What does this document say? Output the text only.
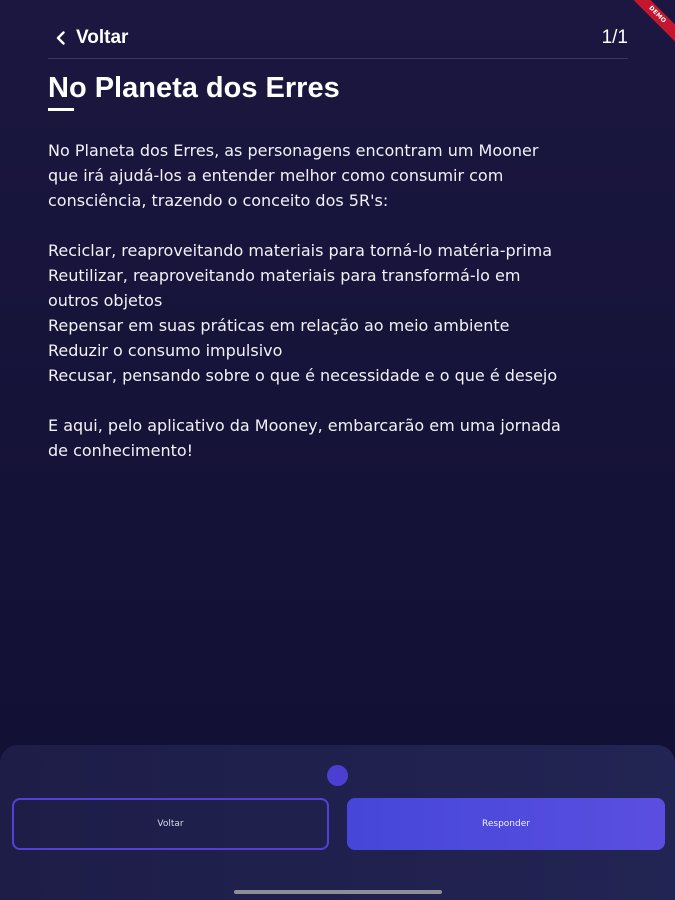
DEMO
Voltar	1/1
No Planeta dos Erres

No Planeta dos Erres, as personagens encontram um Mooner

que irá ajudá-los a entender melhor como consumir com

consciência, trazendo o conceito dos 5R's:

Reciclar, reaproveitando materiais para torná-lo matéria-prima

Reutilizar, reaproveitando materiais para transformá-lo em

outros objetos

Repensar em suas práticas em relação ao meio ambiente

Reduzir o consumo impulsivo

Recusar, pensando sobre o que é necessidade e o que é desejo

E aqui, pelo aplicativo da Mooney, embarcarão em uma jornada

de conhecimento!

Voltar	Responder
